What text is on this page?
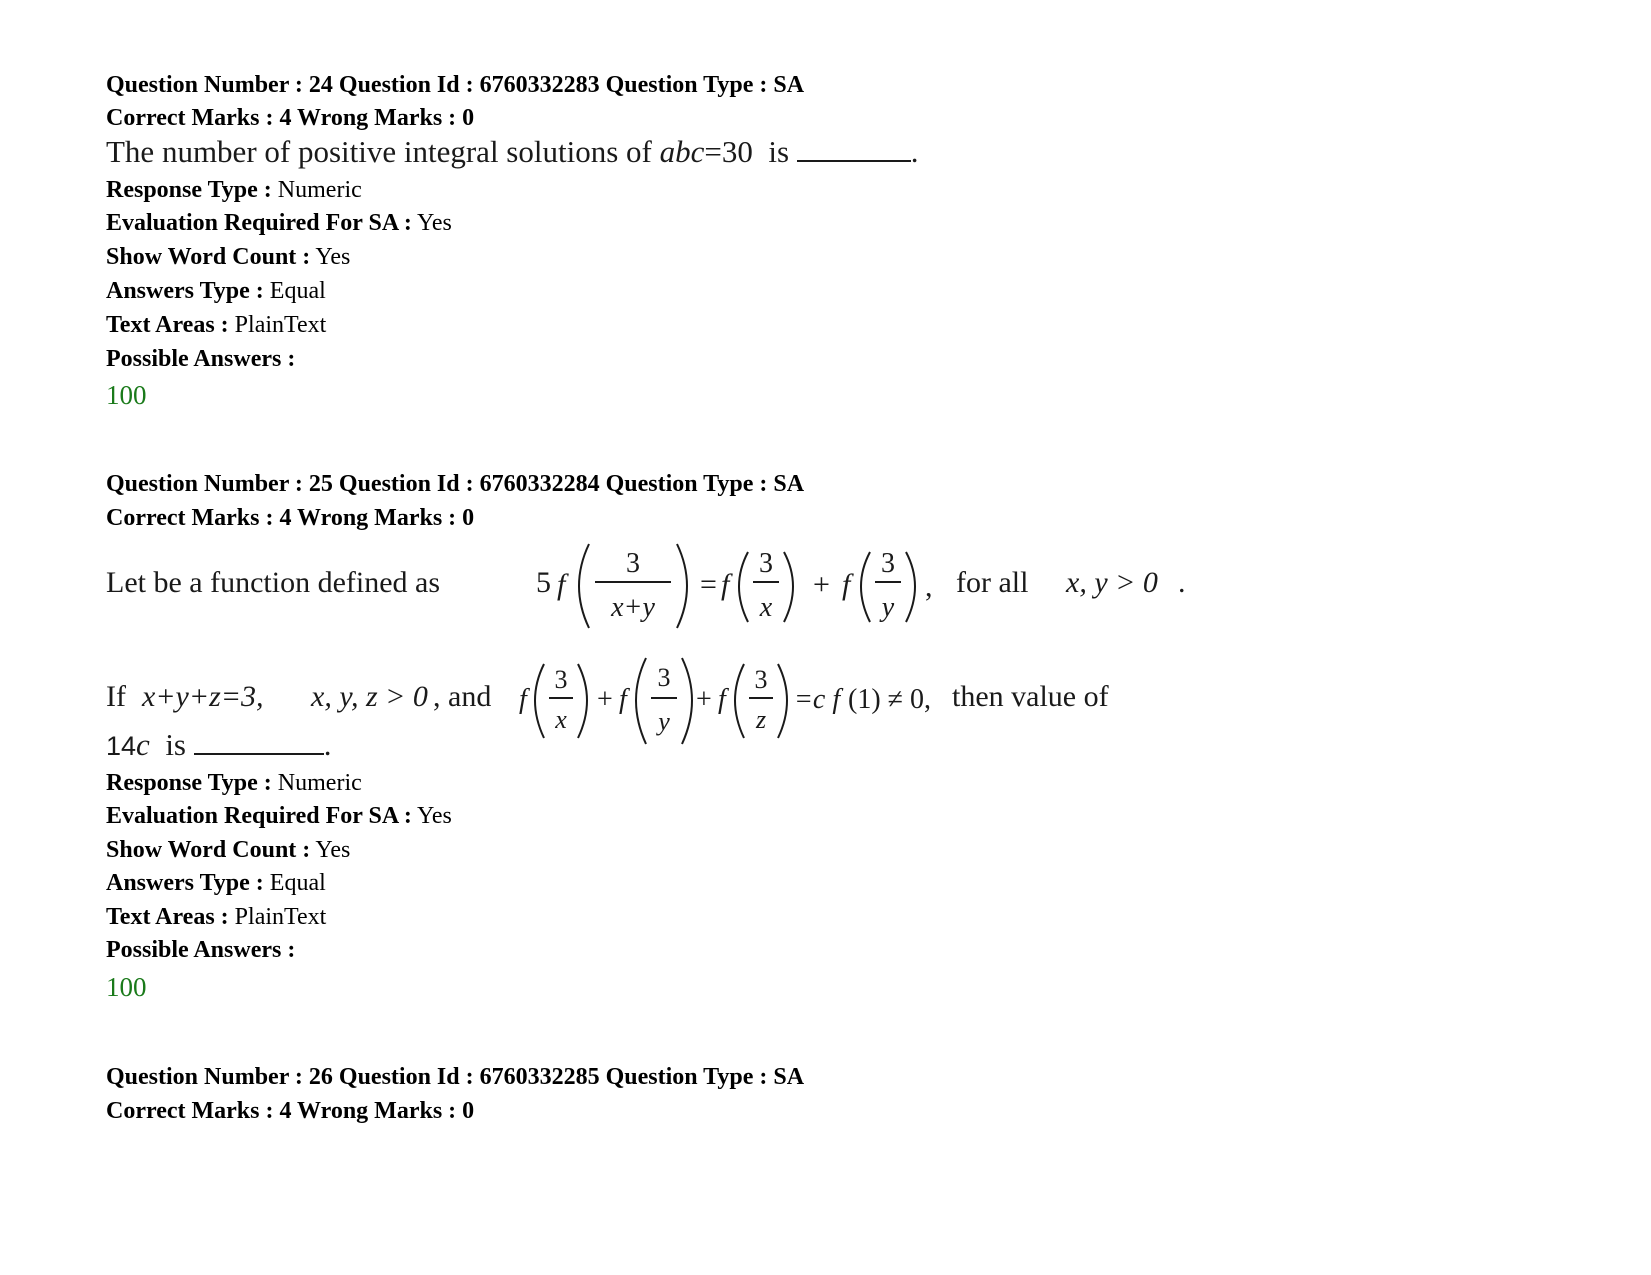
Question Number : 24 Question Id : 6760332283 Question Type : SA
Correct Marks : 4 Wrong Marks : 0
The number of positive integral solutions of abc=30 is	.
Response Type : Numeric
Evaluation Required For SA : Yes
Show Word Count : Yes
Answers Type : Equal
Text Areas : PlainText
Possible Answers :
100
Question Number : 25 Question Id : 6760332284 Question Type : SA
Correct Marks : 4 Wrong Marks : 0
Let be a function defined as	5 f
3
x+y
= f
3
x
+ f
3
y
, for all x, y > 0 .
If x+y+z=3, x, y, z > 0 , and f
3
x
+ f
3
y
+ f
3
z
=c f (1) ≠ 0, then value of
14c is	.
Response Type : Numeric
Evaluation Required For SA : Yes
Show Word Count : Yes
Answers Type : Equal
Text Areas : PlainText
Possible Answers :
100
Question Number : 26 Question Id : 6760332285 Question Type : SA
Correct Marks : 4 Wrong Marks : 0
